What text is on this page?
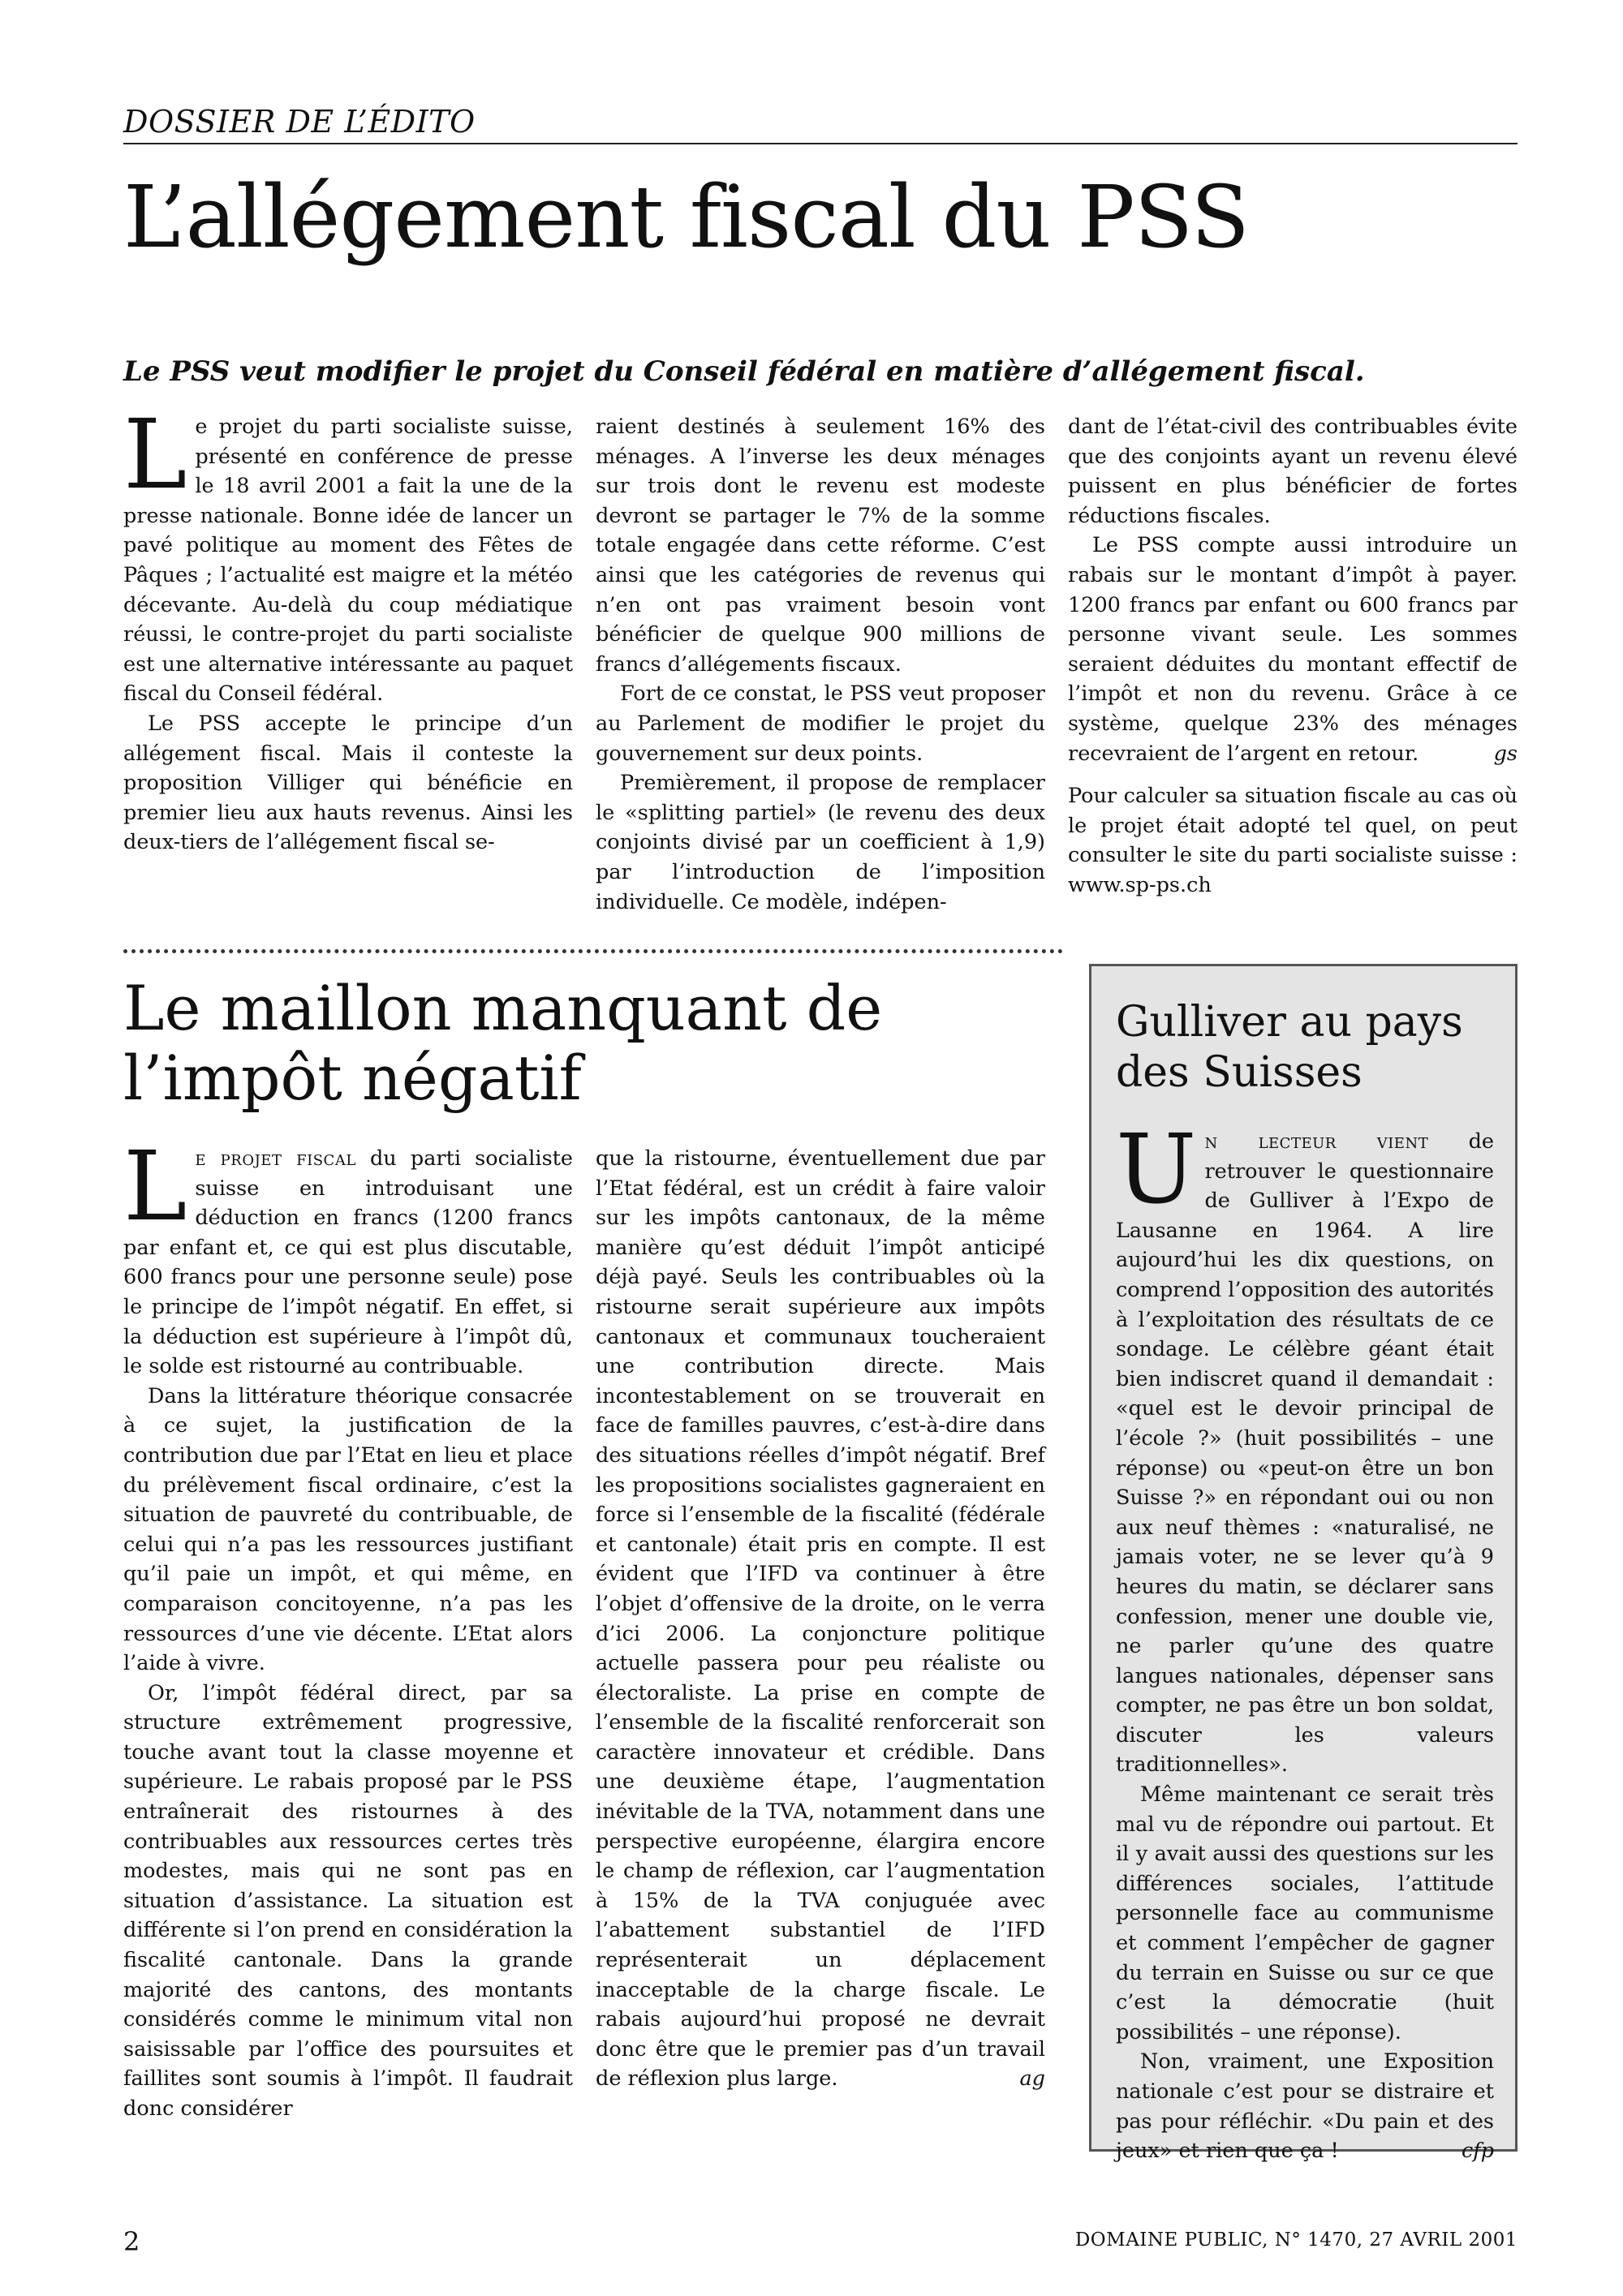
DOSSIER DE L’ÉDITO
L’allégement fiscal du PSS

Le PSS veut modifier le projet du Conseil fédéral en matière d’allégement fiscal.

Le projet du parti socialiste suisse, présenté en conférence de presse le 18 avril 2001 a fait la une de la presse nationale. Bonne idée de lancer un pavé politique au moment des Fêtes de Pâques ; l’actualité est maigre et la météo décevante. Au-delà du coup médiatique réussi, le contre-projet du parti socialiste est une alternative intéressante au paquet fiscal du Conseil fédéral.

Le PSS accepte le principe d’un allégement fiscal. Mais il conteste la proposition Villiger qui bénéficie en premier lieu aux hauts revenus. Ainsi les deux-tiers de l’allégement fiscal se-

raient destinés à seulement 16% des ménages. A l’inverse les deux ménages sur trois dont le revenu est modeste devront se partager le 7% de la somme totale engagée dans cette réforme. C’est ainsi que les catégories de revenus qui n’en ont pas vraiment besoin vont bénéficier de quelque 900 millions de francs d’allégements fiscaux.

Fort de ce constat, le PSS veut proposer au Parlement de modifier le projet du gouvernement sur deux points.

Premièrement, il propose de remplacer le «splitting partiel» (le revenu des deux conjoints divisé par un coefficient à 1,9) par l’introduction de l’imposition individuelle. Ce modèle, indépen-

dant de l’état-civil des contribuables évite que des conjoints ayant un revenu élevé puissent en plus bénéficier de fortes réductions fiscales.

Le PSS compte aussi introduire un rabais sur le montant d’impôt à payer. 1200 francs par enfant ou 600 francs par personne vivant seule. Les sommes seraient déduites du montant effectif de l’impôt et non du revenu. Grâce à ce système, quelque 23% des ménages recevraient de l’argent en retour.	gs

Pour calculer sa situation fiscale au cas où le projet était adopté tel quel, on peut consulter le site du parti socialiste suisse : www.sp-ps.ch

Le maillon manquant de l’impôt négatif

Le projet fiscal du parti socialiste suisse en introduisant une déduction en francs (1200 francs par enfant et, ce qui est plus discutable, 600 francs pour une personne seule) pose le principe de l’impôt négatif. En effet, si la déduction est supérieure à l’impôt dû, le solde est ristourné au contribuable.

Dans la littérature théorique consacrée à ce sujet, la justification de la contribution due par l’Etat en lieu et place du prélèvement fiscal ordinaire, c’est la situation de pauvreté du contribuable, de celui qui n’a pas les ressources justifiant qu’il paie un impôt, et qui même, en comparaison concitoyenne, n’a pas les ressources d’une vie décente. L’Etat alors l’aide à vivre.

Or, l’impôt fédéral direct, par sa structure extrêmement progressive, touche avant tout la classe moyenne et supérieure. Le rabais proposé par le PSS entraînerait des ristournes à des contribuables aux ressources certes très modestes, mais qui ne sont pas en situation d’assistance. La situation est différente si l’on prend en considération la fiscalité cantonale. Dans la grande majorité des cantons, des montants considérés comme le minimum vital non saisissable par l’office des poursuites et faillites sont soumis à l’impôt. Il faudrait donc considérer

que la ristourne, éventuellement due par l’Etat fédéral, est un crédit à faire valoir sur les impôts cantonaux, de la même manière qu’est déduit l’impôt anticipé déjà payé. Seuls les contribuables où la ristourne serait supérieure aux impôts cantonaux et communaux toucheraient une contribution directe. Mais incontestablement on se trouverait en face de familles pauvres, c’est-à-dire dans des situations réelles d’impôt négatif. Bref les propositions socialistes gagneraient en force si l’ensemble de la fiscalité (fédérale et cantonale) était pris en compte. Il est évident que l’IFD va continuer à être l’objet d’offensive de la droite, on le verra d’ici 2006. La conjoncture politique actuelle passera pour peu réaliste ou électoraliste. La prise en compte de l’ensemble de la fiscalité renforcerait son caractère innovateur et crédible. Dans une deuxième étape, l’augmentation inévitable de la TVA, notamment dans une perspective européenne, élargira encore le champ de réflexion, car l’augmentation à 15% de la TVA conjuguée avec l’abattement substantiel de l’IFD représenterait un déplacement inacceptable de la charge fiscale. Le rabais aujourd’hui proposé ne devrait donc être que le premier pas d’un travail de réflexion plus large.	ag

Gulliver au pays des Suisses

Un lecteur vient de retrouver le questionnaire de Gulliver à l’Expo de Lausanne en 1964. A lire aujourd’hui les dix questions, on comprend l’opposition des autorités à l’exploitation des résultats de ce sondage. Le célèbre géant était bien indiscret quand il demandait : «quel est le devoir principal de l’école ?» (huit possibilités – une réponse) ou «peut-on être un bon Suisse ?» en répondant oui ou non aux neuf thèmes : «naturalisé, ne jamais voter, ne se lever qu’à 9 heures du matin, se déclarer sans confession, mener une double vie, ne parler qu’une des quatre langues nationales, dépenser sans compter, ne pas être un bon soldat, discuter les valeurs traditionnelles».

Même maintenant ce serait très mal vu de répondre oui partout. Et il y avait aussi des questions sur les différences sociales, l’attitude personnelle face au communisme et comment l’empêcher de gagner du terrain en Suisse ou sur ce que c’est la démocratie (huit possibilités – une réponse).

Non, vraiment, une Exposition nationale c’est pour se distraire et pas pour réfléchir. «Du pain et des jeux» et rien que ça !	cfp

2	DOMAINE PUBLIC, N° 1470, 27 AVRIL 2001
